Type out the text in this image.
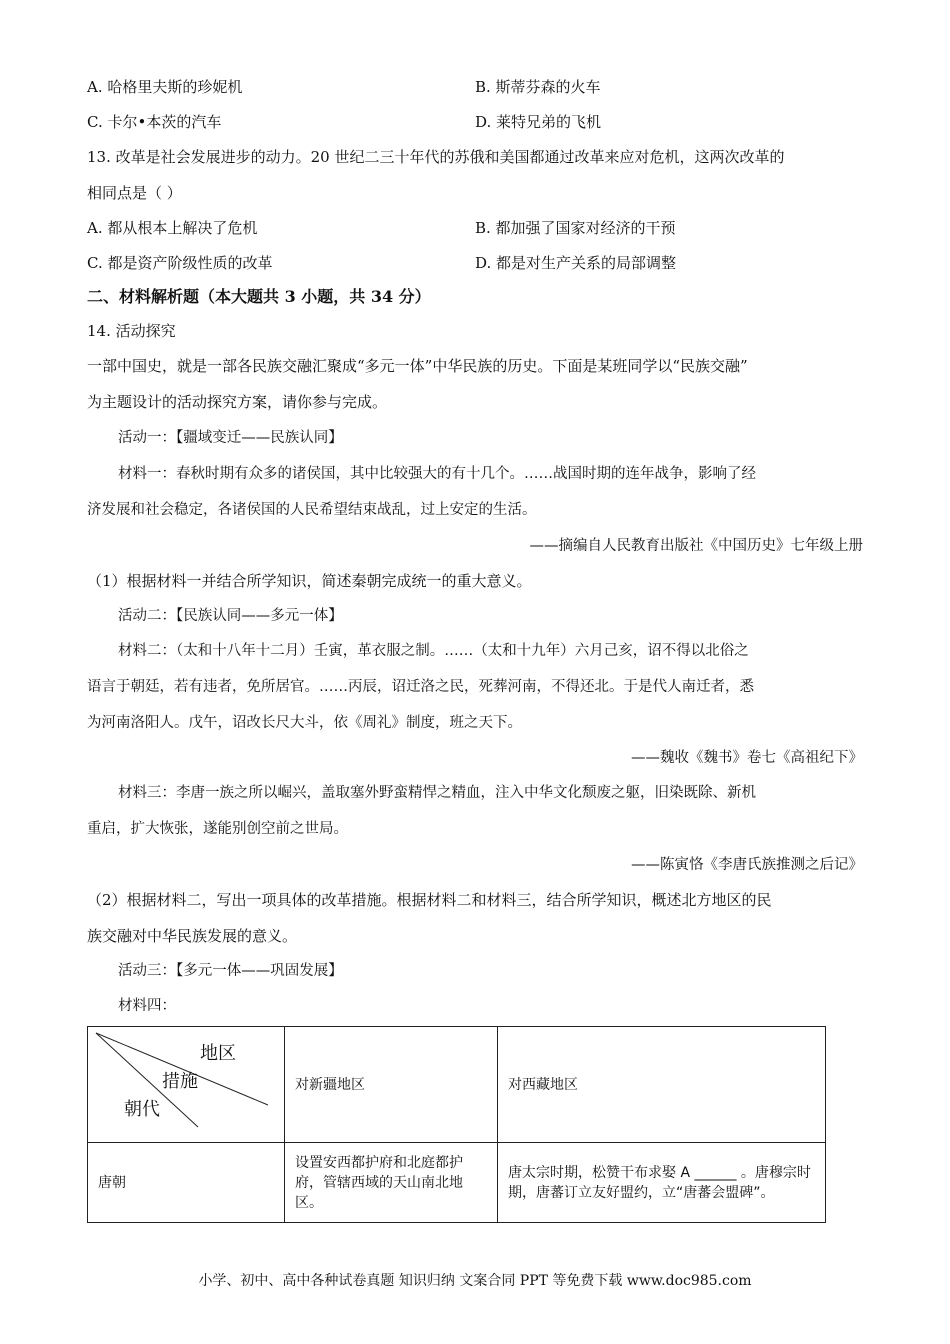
A. 哈格里夫斯的珍妮机	B. 斯蒂芬森的火车
C. 卡尔•本茨的汽车	D. 莱特兄弟的飞机
13. 改革是社会发展进步的动力。20 世纪二三十年代的苏俄和美国都通过改革来应对危机，这两次改革的
相同点是（ ）
A. 都从根本上解决了危机	B. 都加强了国家对经济的干预
C. 都是资产阶级性质的改革	D. 都是对生产关系的局部调整
二、材料解析题（本大题共 3 小题，共 34 分）
14. 活动探究
一部中国史，就是一部各民族交融汇聚成“多元一体”中华民族的历史。下面是某班同学以“民族交融”
为主题设计的活动探究方案，请你参与完成。
活动一：【疆域变迁——民族认同】
材料一：春秋时期有众多的诸侯国，其中比较强大的有十几个。……战国时期的连年战争，影响了经
济发展和社会稳定，各诸侯国的人民希望结束战乱，过上安定的生活。
——摘编自人民教育出版社《中国历史》七年级上册
（1）根据材料一并结合所学知识，简述秦朝完成统一的重大意义。
活动二：【民族认同——多元一体】
材料二：（太和十八年十二月）壬寅，革衣服之制。……（太和十九年）六月己亥，诏不得以北俗之
语言于朝廷，若有违者，免所居官。……丙辰，诏迁洛之民，死葬河南，不得还北。于是代人南迁者，悉
为河南洛阳人。戊午，诏改长尺大斗，依《周礼》制度，班之天下。
——魏收《魏书》卷七《高祖纪下》
材料三：李唐一族之所以崛兴，盖取塞外野蛮精悍之精血，注入中华文化颓废之躯，旧染既除、新机
重启，扩大恢张，遂能别创空前之世局。
——陈寅恪《李唐氏族推测之后记》
（2）根据材料二，写出一项具体的改革措施。根据材料二和材料三，结合所学知识，概述北方地区的民
族交融对中华民族发展的意义。
活动三：【多元一体——巩固发展】
材料四：
地区
措施
朝代	对新疆地区	对西藏地区

唐朝	设置安西都护府和北庭都护府，管辖西域的天山南北地区。	唐太宗时期，松赞干布求娶 A ______ 。唐穆宗时期，唐蕃订立友好盟约，立“唐蕃会盟碑”。
小学、初中、高中各种试卷真题 知识归纳 文案合同 PPT 等免费下载 www.doc985.com
